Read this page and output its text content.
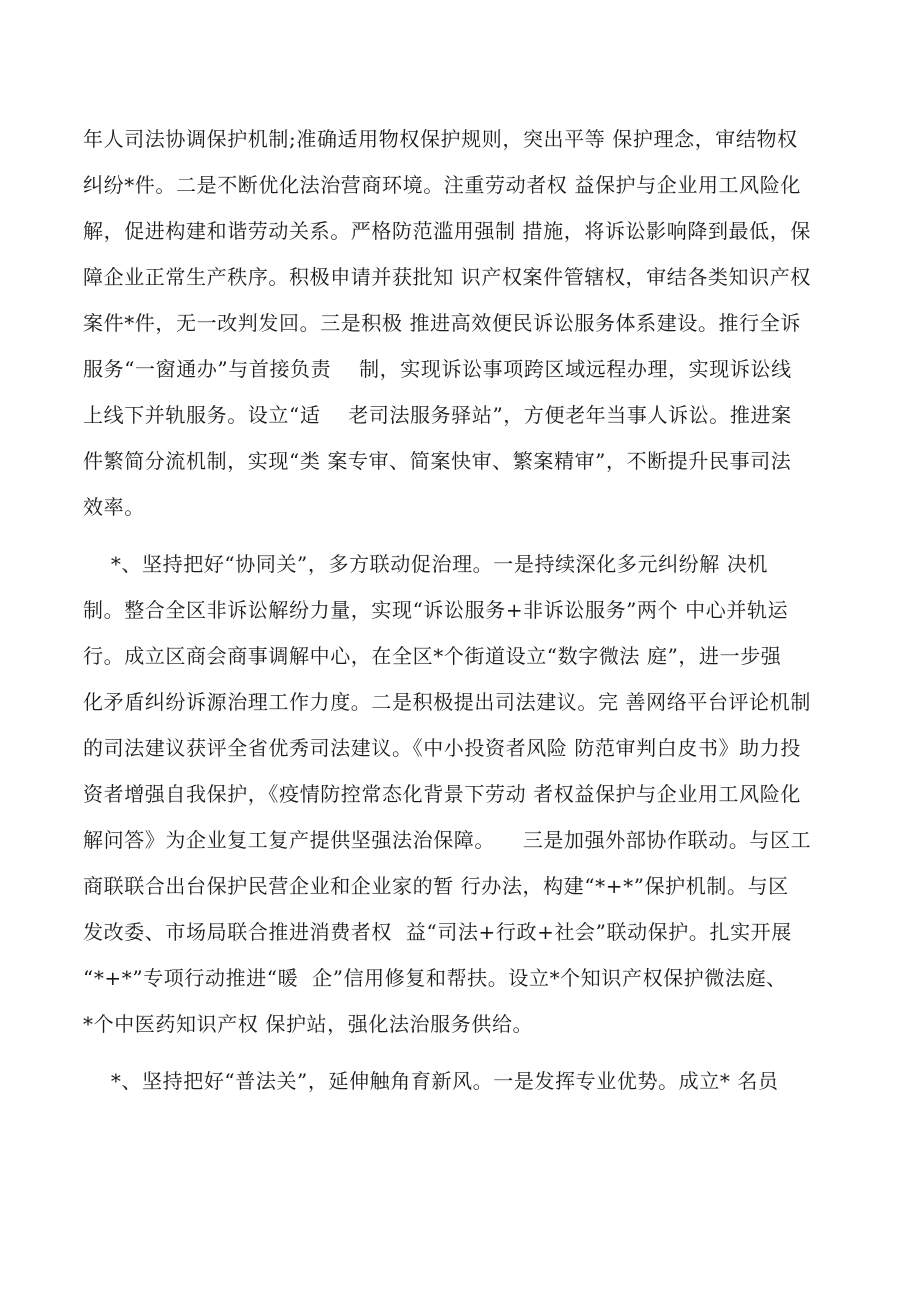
年人司法协调保护机制;准确适用物权保护规则，突出平等 保护理念，审结物权
纠纷*件。二是不断优化法治营商环境。注重劳动者权 益保护与企业用工风险化
解，促进构建和谐劳动关系。严格防范滥用强制 措施，将诉讼影响降到最低，保
障企业正常生产秩序。积极申请并获批知 识产权案件管辖权，审结各类知识产权
案件*件，无一改判发回。三是积极 推进高效便民诉讼服务体系建设。推行全诉
服务“一窗通办”与首接负责    制，实现诉讼事项跨区域远程办理，实现诉讼线
上线下并轨服务。设立“适    老司法服务驿站”，方便老年当事人诉讼。推进案
件繁简分流机制，实现“类 案专审、简案快审、繁案精审”，不断提升民事司法
效率。
*、坚持把好“协同关”，多方联动促治理。一是持续深化多元纠纷解 决机
制。整合全区非诉讼解纷力量，实现“诉讼服务+非诉讼服务”两个 中心并轨运
行。成立区商会商事调解中心，在全区*个街道设立“数字微法 庭”，进一步强
化矛盾纠纷诉源治理工作力度。二是积极提出司法建议。完 善网络平台评论机制
的司法建议获评全省优秀司法建议。《中小投资者风险 防范审判白皮书》助力投
资者增强自我保护，《疫情防控常态化背景下劳动 者权益保护与企业用工风险化
解问答》为企业复工复产提供坚强法治保障。    三是加强外部协作联动。与区工
商联联合出台保护民营企业和企业家的暂 行办法，构建“*+*”保护机制。与区
发改委、市场局联合推进消费者权  益“司法+行政+社会”联动保护。扎实开展
“*+*”专项行动推进“暖  企”信用修复和帮扶。设立*个知识产权保护微法庭、
*个中医药知识产权 保护站，强化法治服务供给。
*、坚持把好“普法关”，延伸触角育新风。一是发挥专业优势。成立* 名员
